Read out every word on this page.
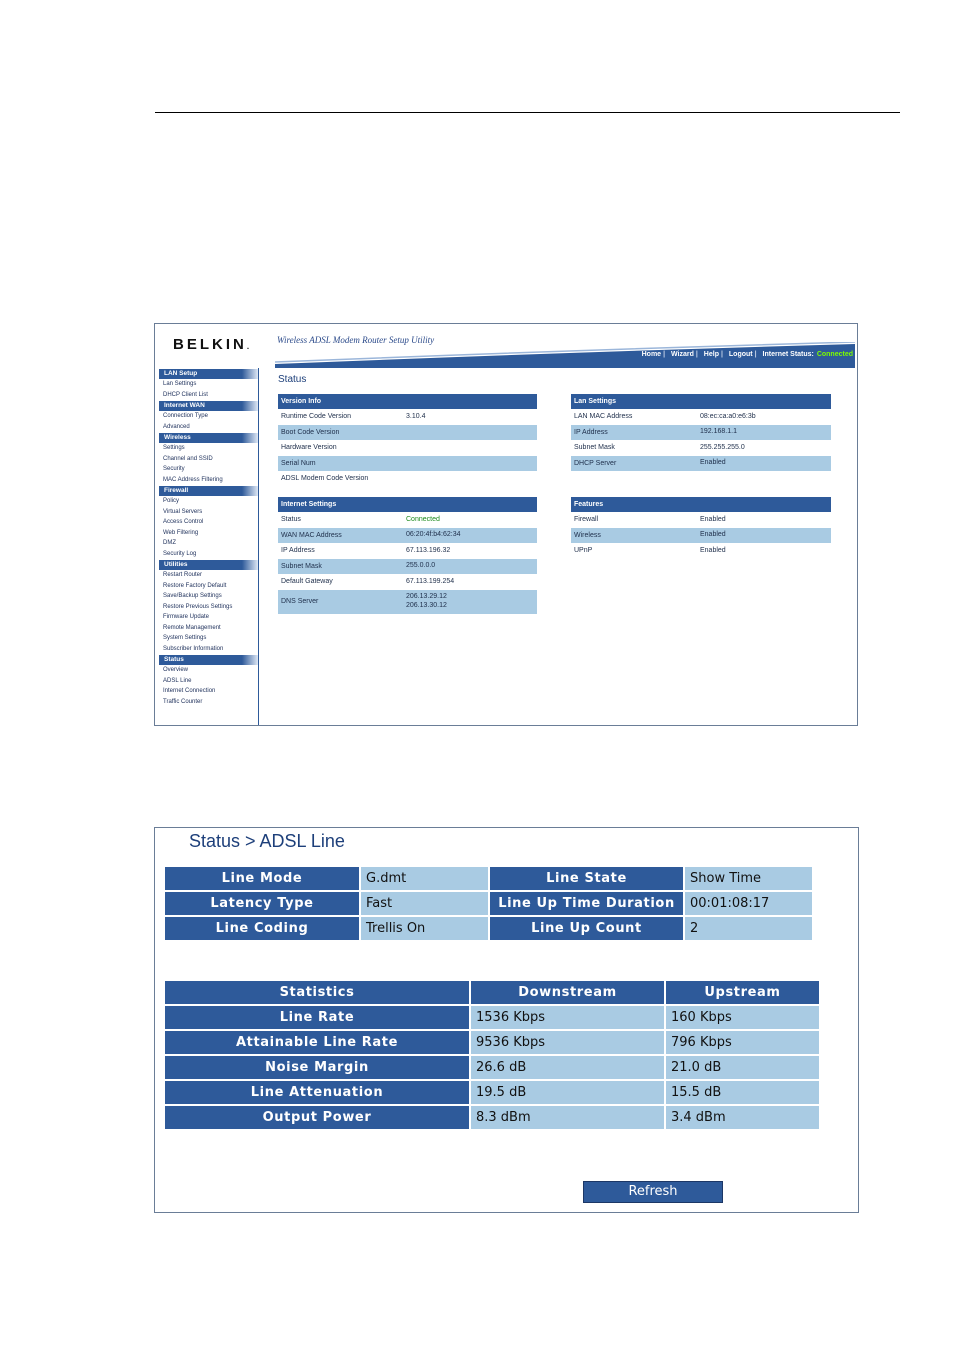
BELKIN.
Wireless ADSL Modem Router Setup Utility
Home | Wizard | Help | Logout | Internet Status: Connected
LAN Setup
Lan Settings
DHCP Client List
Internet WAN
Connection Type
Advanced
Wireless
Settings
Channel and SSID
Security
MAC Address Filtering
Firewall
Policy
Virtual Servers
Access Control
Web Filtering
DMZ
Security Log
Utilities
Restart Router
Restore Factory Default
Save/Backup Settings
Restore Previous Settings
Firmware Update
Remote Management
System Settings
Subscriber Information
Status
Overview
ADSL Line
Internet Connection
Traffic Counter
Status
Version Info
Runtime Code Version	3.10.4
Boot Code Version
Hardware Version
Serial Num
ADSL Modem Code Version
Lan Settings
LAN MAC Address	08:ec:ca:a0:e6:3b
IP Address	192.168.1.1
Subnet Mask	255.255.255.0
DHCP Server	Enabled
Internet Settings
Status	Connected
WAN MAC Address	06:20:4f:b4:62:34
IP Address	67.113.196.32
Subnet Mask	255.0.0.0
Default Gateway	67.113.199.254
DNS Server
206.13.29.12
206.13.30.12
Features
Firewall	Enabled
Wireless	Enabled
UPnP	Enabled
Status > ADSL Line
Line Mode	G.dmt	Line State	Show Time
Latency Type	Fast	Line Up Time Duration	00:01:08:17
Line Coding	Trellis On	Line Up Count	2
Statistics	Downstream	Upstream
Line Rate	1536 Kbps	160 Kbps
Attainable Line Rate	9536 Kbps	796 Kbps
Noise Margin	26.6 dB	21.0 dB
Line Attenuation	19.5 dB	15.5 dB
Output Power	8.3 dBm	3.4 dBm
Refresh
